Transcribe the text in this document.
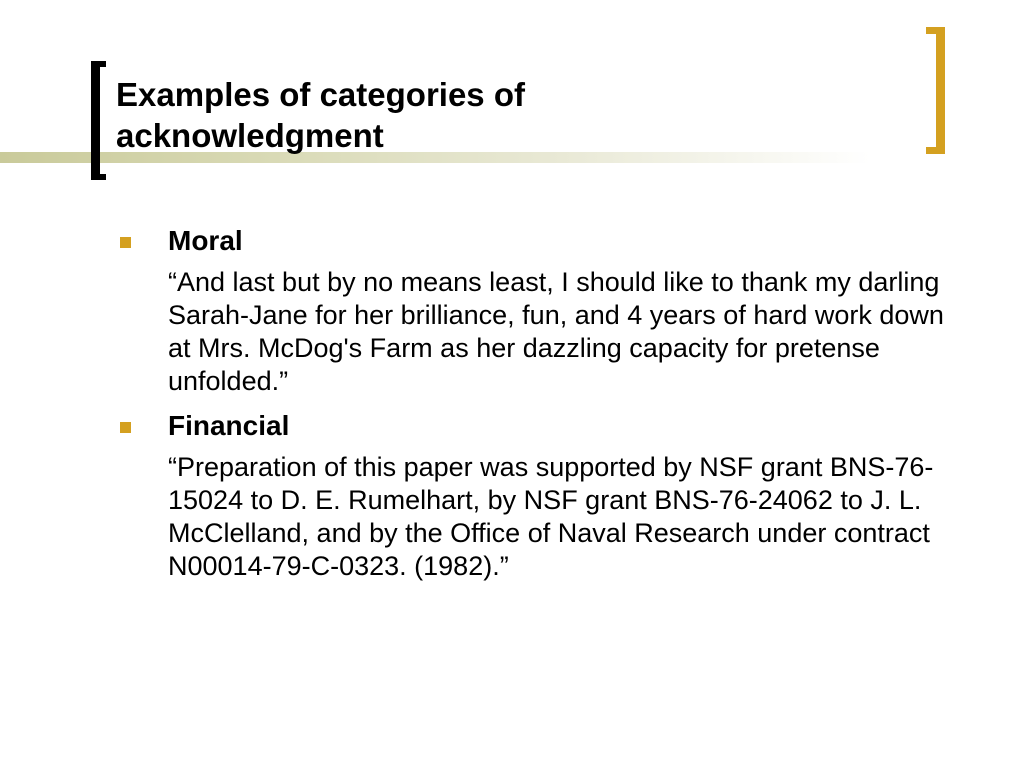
Examples of categories of acknowledgment
Moral
“And last but by no means least, I should like to thank my darling Sarah-Jane for her brilliance, fun, and 4 years of hard work down at Mrs. McDog's Farm as her dazzling capacity for pretense unfolded.”
Financial
“Preparation of this paper was supported by NSF grant BNS-76-15024 to D. E. Rumelhart, by NSF grant BNS-76-24062 to J. L. McClelland, and by the Office of Naval Research under contract N00014-79-C-0323. (1982).”
